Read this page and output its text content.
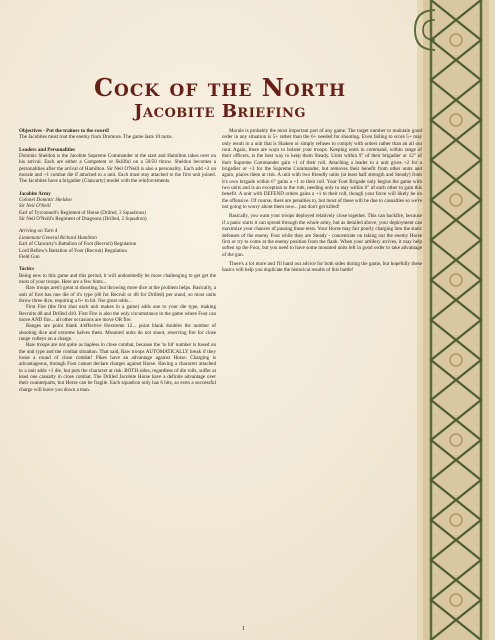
Cock of the North
Jacobite Briefing

Objectives - Put the traitors to the sword!

The Jacobites must rout the enemy from Dromore. The game lasts 10 turns.

Leaders and Personalities

Dominic Sheldon is the Jacobite Supreme Commander at the start and Hamilton takes over on his arrival. Each are either a Competent or Skillful on a 50/50 throw. Sheldon becomes a personalities after the arrival of Hamilton. Sir Neil O'Neill is also a personality. Each add +2 on morale and +1 combat die if attached to a unit. Each must stay attached to the first unit joined. The Jacobites have a brigadier (Clancarty) model with the reinforcements.

Jacobite Army

Colonel Dominic Sheldon

Sir Neil O'Neill

Earl of Tyrconnell's Regiment of Horse (Drilled, 3 Squadrons)

Sir Neil O'Neill's Regiment of Dragoons (Drilled, 2 Squadron)

Arriving on Turn 4

Lieutenant General Richard Hamilton

Earl of Clancarty's Battalion of Foot (Recruit) Regulation

Lord Bellew's Battalion of Foot (Recruit) Regulation

Field Gun

Tactics

Being new to this game and this period, it will undoubtedly be more challenging to get get the most of your troops. Here are a few hints...

Raw troops aren't great at shooting, but throwing more dice at the problem helps. Basically, a unit of foot has one die of it's type (d6 for Recruit or d8 for Drilled) per stand, so most units throw three dice, requiring a 6+ to hit. Not great odds...

First Fire (the first shot each unit makes in a game) adds one to your die type, making Recruits d8 and Drilled d10. First Fire is also the only circumstance in the game where Foot can move AND fire... all other occasions are move OR fire.

Ranges are point blank 4/effective 8/extreme 12... point blank doubles the number of shooting dice and extreme halves them. Mounted units do not shoot, reserving fire for close range volleys on a charge.

Raw troops are not quite as hapless in close combat, because the 'to hit' number is based on the unit type and the combat situation. That said, Raw troops AUTOMATICALLY break if they loose a round of close combat! Pikes have an advantage against Horse. Charging is advantageous, through Foot cannot declare charges against Horse. Having a character attached to a unit adds +1 die, but puts the character at risk. BOTH sides, regardless of die rolls, suffer at least one casualty in close combat. The Drilled Jacobite Horse have a definite advantage over their counterparts, but Horse can be fragile. Each squadron only has 6 hits, so even a successful charge will leave you down a man.

Morale is probably the most important part of any game. The target number to maintain good order in any situation is 5+ rather than the 6+ needed for shooting. Even failing to score 5+ may only result in a unit that is Shaken or simply refuses to comply with orders rather than an all out rout. Again, there are ways to bolster your troops. Keeping units in command, within range of their officers, is the best way to keep them Steady. Units within 9" of their brigadier or 12" of their Supreme Commander gain +1 of their roll. Attaching a leader to a unit gives +2 for a brigadier or +3 for the Supreme Commander, but removes their benefit from other units and again, places them at risk. A unit with two friendly units (at least half strength and Steady) from it's own brigade within 6" gains a +1 to their roll. Your Foot Brigade only begins the game with two units and is an exception to the rule, needing only to stay within 6" of each other to gain this benefit. A unit with DEFEND orders gains a +1 to their roll, though your force will likely be on the offensive. Of course, there are penalties to, but most of these will be due to casualties so we're not going to worry about them now... just don't get killed!

Basically, you want your troops deployed relatively close together. This can backfire, because if a panic starts it can spread through the whole army, but as detailed above, your deployment can maximize your chances of passing those tests. Your Horse may fair poorly charging into the static defenses of the enemy Foot while they are Steady - concentrate on taking out the enemy Horse first or try to come at the enemy position from the flank. When your artillery arrives, it may help soften up the Foot, but you need to have some mounted units left in good order to take advantage of the gun.

There's a lot more and I'll hand out advice for both sides during the game, but hopefully these basics will help you duplicate the historical results of this battle!

1
